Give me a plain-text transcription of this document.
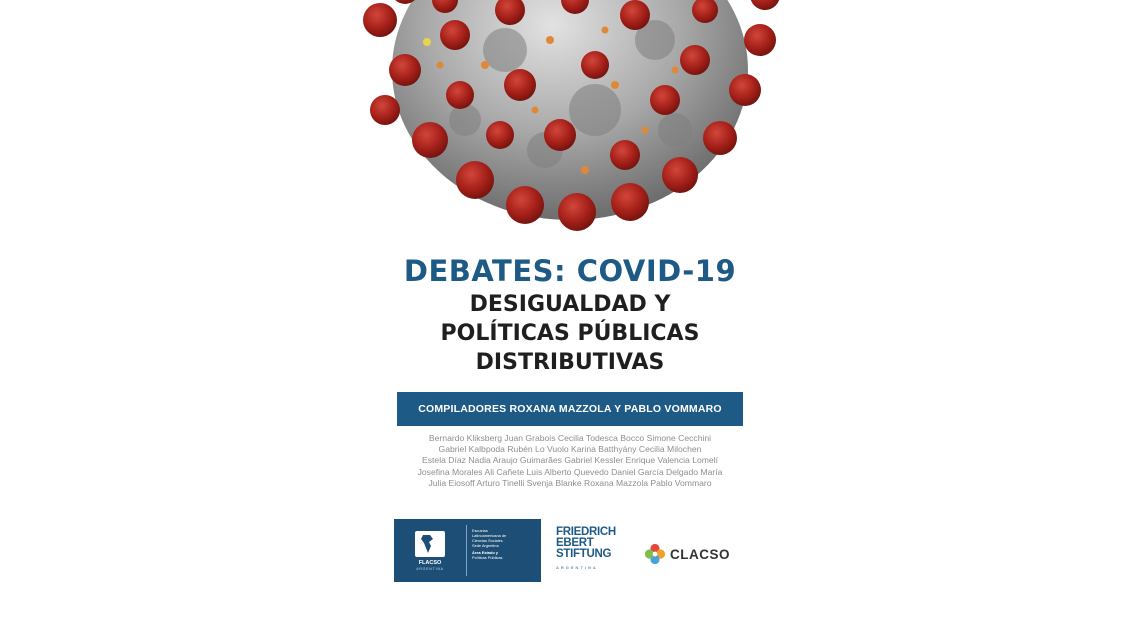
DEBATES: COVID-19
DESIGUALDAD Y
POLÍTICAS PÚBLICAS
DISTRIBUTIVAS
COMPILADORES ROXANA MAZZOLA Y PABLO VOMMARO
Bernardo Kliksberg Juan Grabois Cecilia Todesca Bocco Simone Cecchini
Gabriel Kalbpoda Rubén Lo Vuolo Karina Batthyány Cecilia Milochen
Estela Díaz Nadia Araujo Guimarães Gabriel Kessler Enrique Valencia Lomelí
Josefina Morales Ali Cañete Luis Alberto Quevedo Daniel García Delgado María
Julia Eiosoff Arturo Tinelli Svenja Blanke Roxana Mazzola Pablo Vommaro
FLACSO
ARGENTINA
Escuelas
Latinoamericana de
Ciencias Sociales
Sede Argentina
Área Estado y
Políticas Públicas
FRIEDRICH
EBERT
STIFTUNG
ARGENTINA
CLACSO
